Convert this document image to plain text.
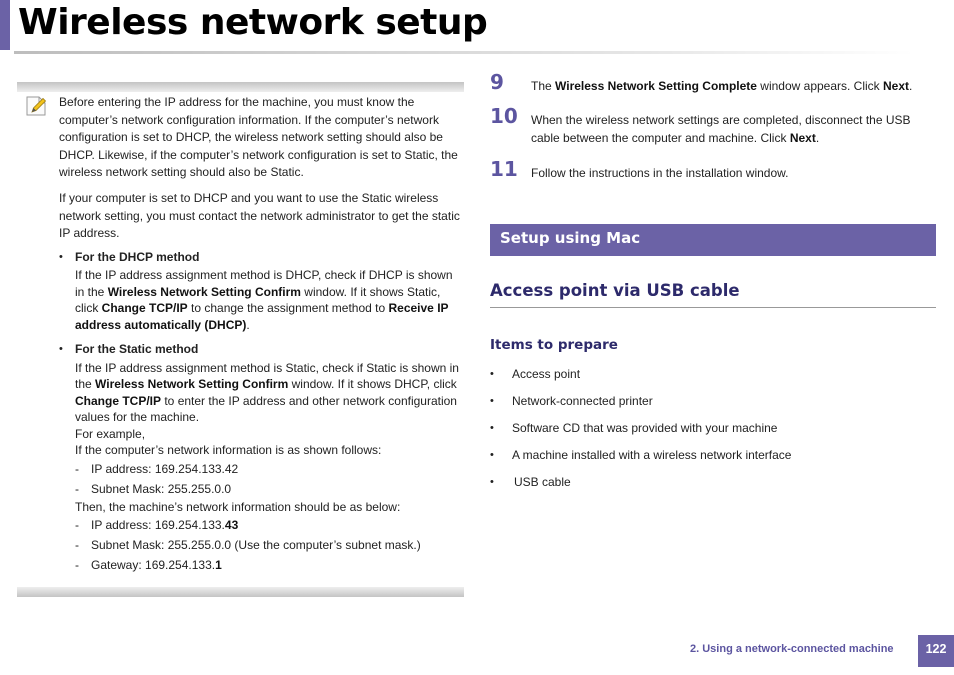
Wireless network setup

Before entering the IP address for the machine, you must know the computer’s network configuration information. If the computer’s network configuration is set to DHCP, the wireless network setting should also be DHCP. Likewise, if the computer’s network configuration is set to Static, the wireless network setting should also be Static.

If your computer is set to DHCP and you want to use the Static wireless network setting, you must contact the network administrator to get the static IP address.

• For the DHCP method
If the IP address assignment method is DHCP, check if DHCP is shown in the Wireless Network Setting Confirm window. If it shows Static, click Change TCP/IP to change the assignment method to Receive IP address automatically (DHCP).
• For the Static method
If the IP address assignment method is Static, check if Static is shown in the Wireless Network Setting Confirm window. If it shows DHCP, click Change TCP/IP to enter the IP address and other network configuration values for the machine.
For example,
If the computer’s network information is as shown follows:
- IP address: 169.254.133.42
- Subnet Mask: 255.255.0.0
Then, the machine’s network information should be as below:
- IP address: 169.254.133.43
- Subnet Mask: 255.255.0.0 (Use the computer’s subnet mask.)
- Gateway: 169.254.133.1
9 The Wireless Network Setting Complete window appears. Click Next.
10 When the wireless network settings are completed, disconnect the USB cable between the computer and machine. Click Next.
11 Follow the instructions in the installation window.
Setup using Mac
Access point via USB cable
Items to prepare
• Access point
• Network-connected printer
• Software CD that was provided with your machine
• A machine installed with a wireless network interface
• USB cable
2. Using a network-connected machine	122
